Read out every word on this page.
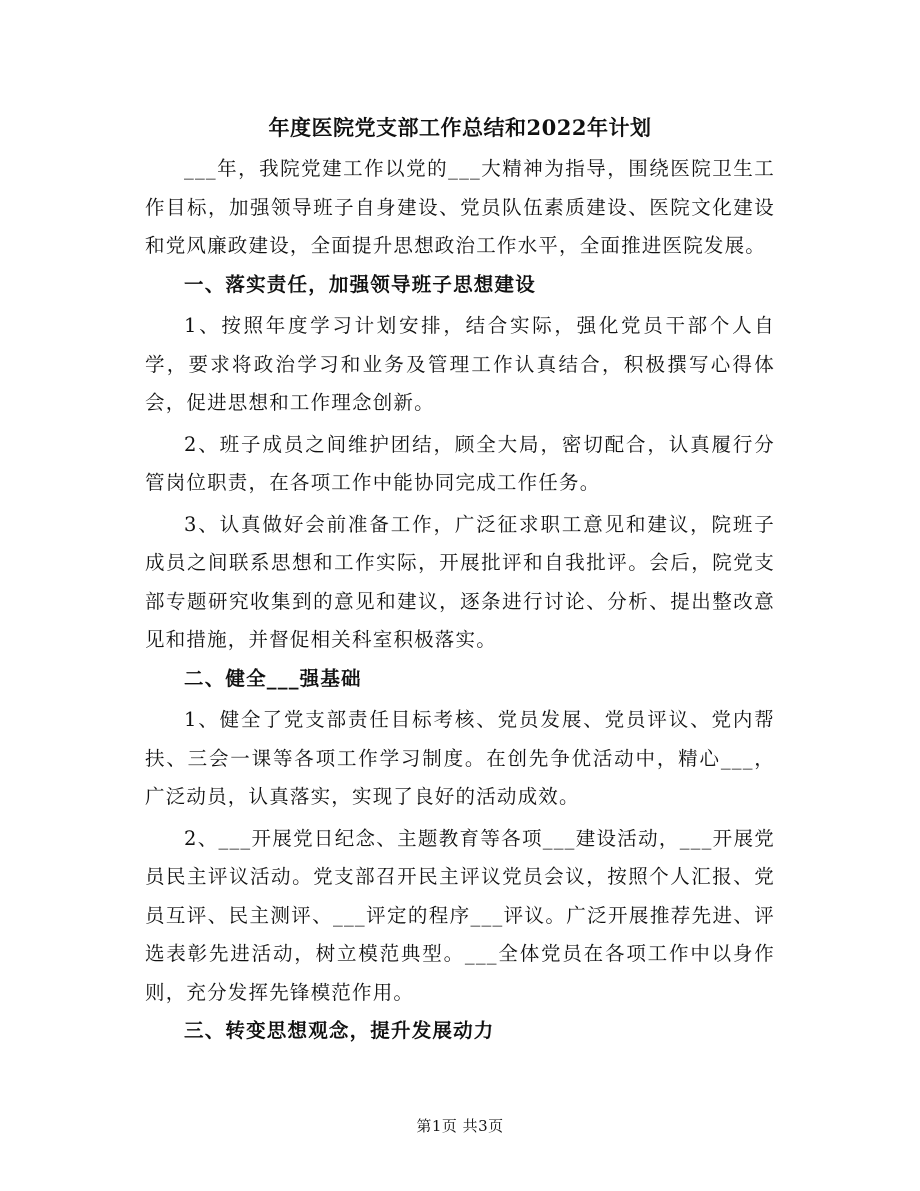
年度医院党支部工作总结和2022年计划

___年，我院党建工作以党的___大精神为指导，围绕医院卫生工作目标，加强领导班子自身建设、党员队伍素质建设、医院文化建设和党风廉政建设，全面提升思想政治工作水平，全面推进医院发展。

一、落实责任，加强领导班子思想建设

1、按照年度学习计划安排，结合实际，强化党员干部个人自学，要求将政治学习和业务及管理工作认真结合，积极撰写心得体会，促进思想和工作理念创新。

2、班子成员之间维护团结，顾全大局，密切配合，认真履行分管岗位职责，在各项工作中能协同完成工作任务。

3、认真做好会前准备工作，广泛征求职工意见和建议，院班子成员之间联系思想和工作实际，开展批评和自我批评。会后，院党支部专题研究收集到的意见和建议，逐条进行讨论、分析、提出整改意见和措施，并督促相关科室积极落实。

二、健全___强基础

1、健全了党支部责任目标考核、党员发展、党员评议、党内帮扶、三会一课等各项工作学习制度。在创先争优活动中，精心___，广泛动员，认真落实，实现了良好的活动成效。

2、___开展党日纪念、主题教育等各项___建设活动，___开展党员民主评议活动。党支部召开民主评议党员会议，按照个人汇报、党员互评、民主测评、___评定的程序___评议。广泛开展推荐先进、评选表彰先进活动，树立模范典型。___全体党员在各项工作中以身作则，充分发挥先锋模范作用。

三、转变思想观念，提升发展动力

第1页 共3页
